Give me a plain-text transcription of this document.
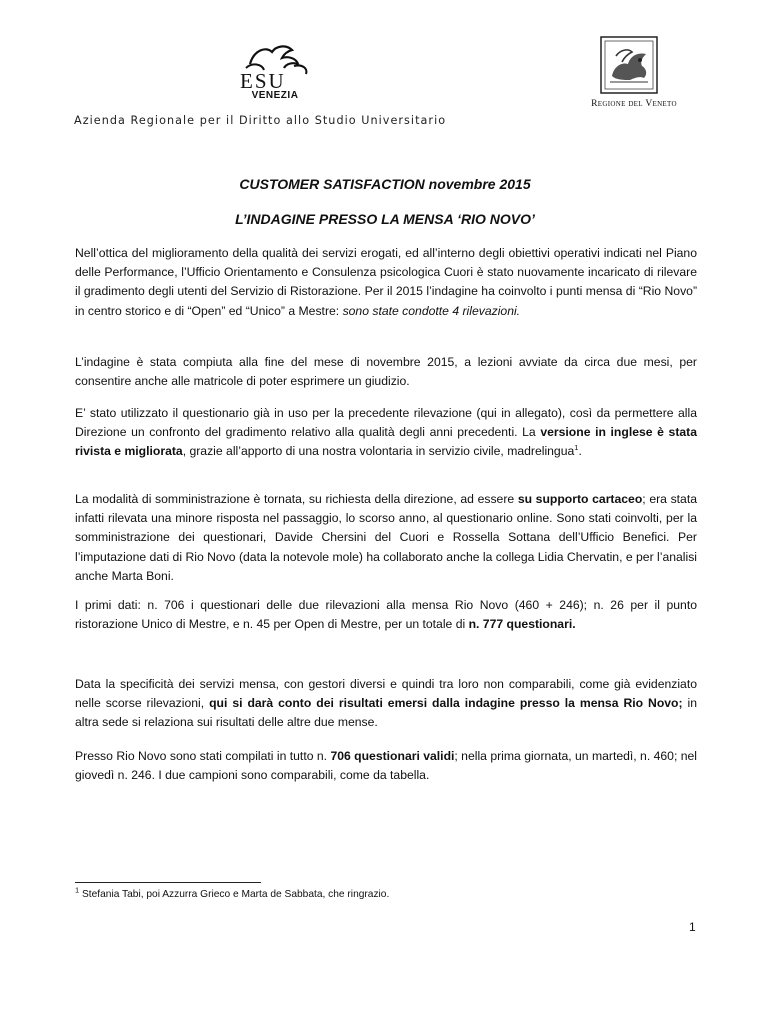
ESU
VENEZIA
Azienda Regionale per il Diritto allo Studio Universitario
Regione del Veneto
CUSTOMER SATISFACTION novembre 2015
L’INDAGINE PRESSO LA MENSA ‘RIO NOVO’

Nell’ottica del miglioramento della qualità dei servizi erogati, ed all’interno degli obiettivi operativi indicati nel Piano delle Performance, l’Ufficio Orientamento e Consulenza psicologica Cuori è stato nuovamente incaricato di rilevare il gradimento degli utenti del Servizio di Ristorazione. Per il 2015 l’indagine ha coinvolto i punti mensa di “Rio Novo” in centro storico e di “Open” ed “Unico” a Mestre: sono state condotte 4 rilevazioni.

L’indagine è stata compiuta alla fine del mese di novembre 2015, a lezioni avviate da circa due mesi, per consentire anche alle matricole di poter esprimere un giudizio.

E’ stato utilizzato il questionario già in uso per la precedente rilevazione (qui in allegato), così da permettere alla Direzione un confronto del gradimento relativo alla qualità degli anni precedenti. La versione in inglese è stata rivista e migliorata, grazie all’apporto di una nostra volontaria in servizio civile, madrelingua$^1$.

La modalità di somministrazione è tornata, su richiesta della direzione, ad essere su supporto cartaceo; era stata infatti rilevata una minore risposta nel passaggio, lo scorso anno, al questionario online. Sono stati coinvolti, per la somministrazione dei questionari, Davide Chersini del Cuori e Rossella Sottana dell’Ufficio Benefici. Per l’imputazione dati di Rio Novo (data la notevole mole) ha collaborato anche la collega Lidia Chervatin, e per l’analisi anche Marta Boni.

I primi dati: n. 706 i questionari delle due rilevazioni alla mensa Rio Novo (460 + 246); n. 26 per il punto ristorazione Unico di Mestre, e n. 45 per Open di Mestre, per un totale di n. 777 questionari.

Data la specificità dei servizi mensa, con gestori diversi e quindi tra loro non comparabili, come già evidenziato nelle scorse rilevazioni, qui si darà conto dei risultati emersi dalla indagine presso la mensa Rio Novo; in altra sede si relaziona sui risultati delle altre due mense.

Presso Rio Novo sono stati compilati in tutto n. 706 questionari validi; nella prima giornata, un martedì, n. 460; nel giovedì n. 246. I due campioni sono comparabili, come da tabella.

$^1$ Stefania Tabi, poi Azzurra Grieco e Marta de Sabbata, che ringrazio.
1
